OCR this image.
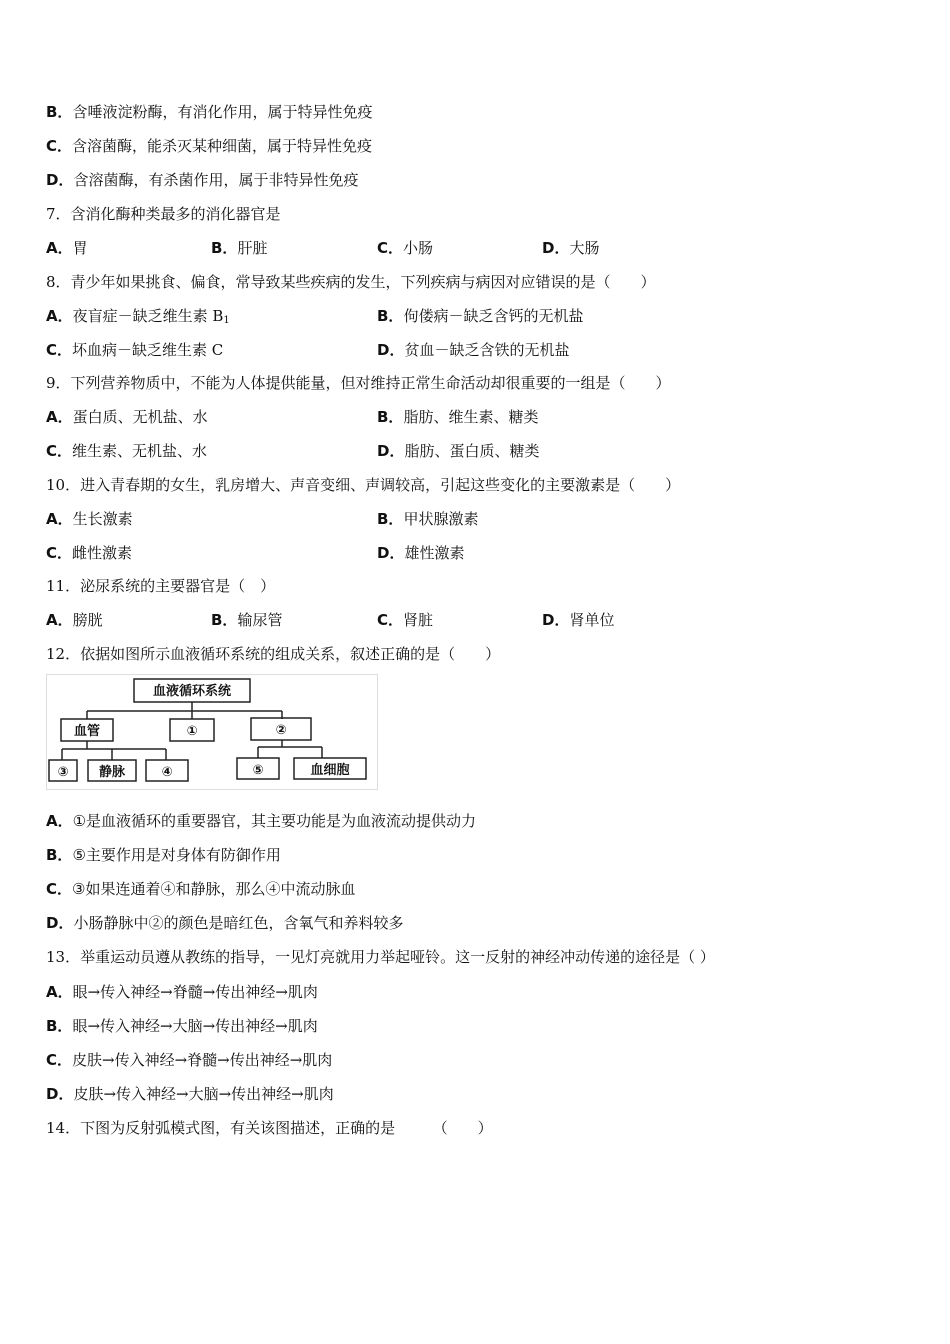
B．含唾液淀粉酶，有消化作用，属于特异性免疫
C．含溶菌酶，能杀灭某种细菌，属于特异性免疫
D．含溶菌酶，有杀菌作用，属于非特异性免疫
7．含消化酶种类最多的消化器官是
A．胃	B．肝脏	C．小肠	D．大肠
8．青少年如果挑食、偏食，常导致某些疾病的发生，下列疾病与病因对应错误的是（　　）
A．夜盲症－缺乏维生素 $B_1$	B．佝偻病－缺乏含钙的无机盐
C．坏血病－缺乏维生素 C	D．贫血－缺乏含铁的无机盐
9．下列营养物质中，不能为人体提供能量，但对维持正常生命活动却很重要的一组是（　　）
A．蛋白质、无机盐、水	B．脂肪、维生素、糖类
C．维生素、无机盐、水	D．脂肪、蛋白质、糖类
10．进入青春期的女生，乳房增大、声音变细、声调较高，引起这些变化的主要激素是（　　）
A．生长激素	B．甲状腺激素
C．雌性激素	D．雄性激素
11．泌尿系统的主要器官是（　）
A．膀胱	B．输尿管	C．肾脏	D．肾单位
12．依据如图所示血液循环系统的组成关系，叙述正确的是（　　）
血液循环系统
血管	①	②
③ 静脉	④	⑤	血细胞
A．①是血液循环的重要器官，其主要功能是为血液流动提供动力
B．⑤主要作用是对身体有防御作用
C．③如果连通着④和静脉，那么④中流动脉血
D．小肠静脉中②的颜色是暗红色，含氧气和养料较多
13．举重运动员遵从教练的指导，一见灯亮就用力举起哑铃。这一反射的神经冲动传递的途径是（ ）
A．眼→传入神经→脊髓→传出神经→肌肉
B．眼→传入神经→大脑→传出神经→肌肉
C．皮肤→传入神经→脊髓→传出神经→肌肉
D．皮肤→传入神经→大脑→传出神经→肌肉
14．下图为反射弧模式图，有关该图描述，正确的是　　　（　　）
